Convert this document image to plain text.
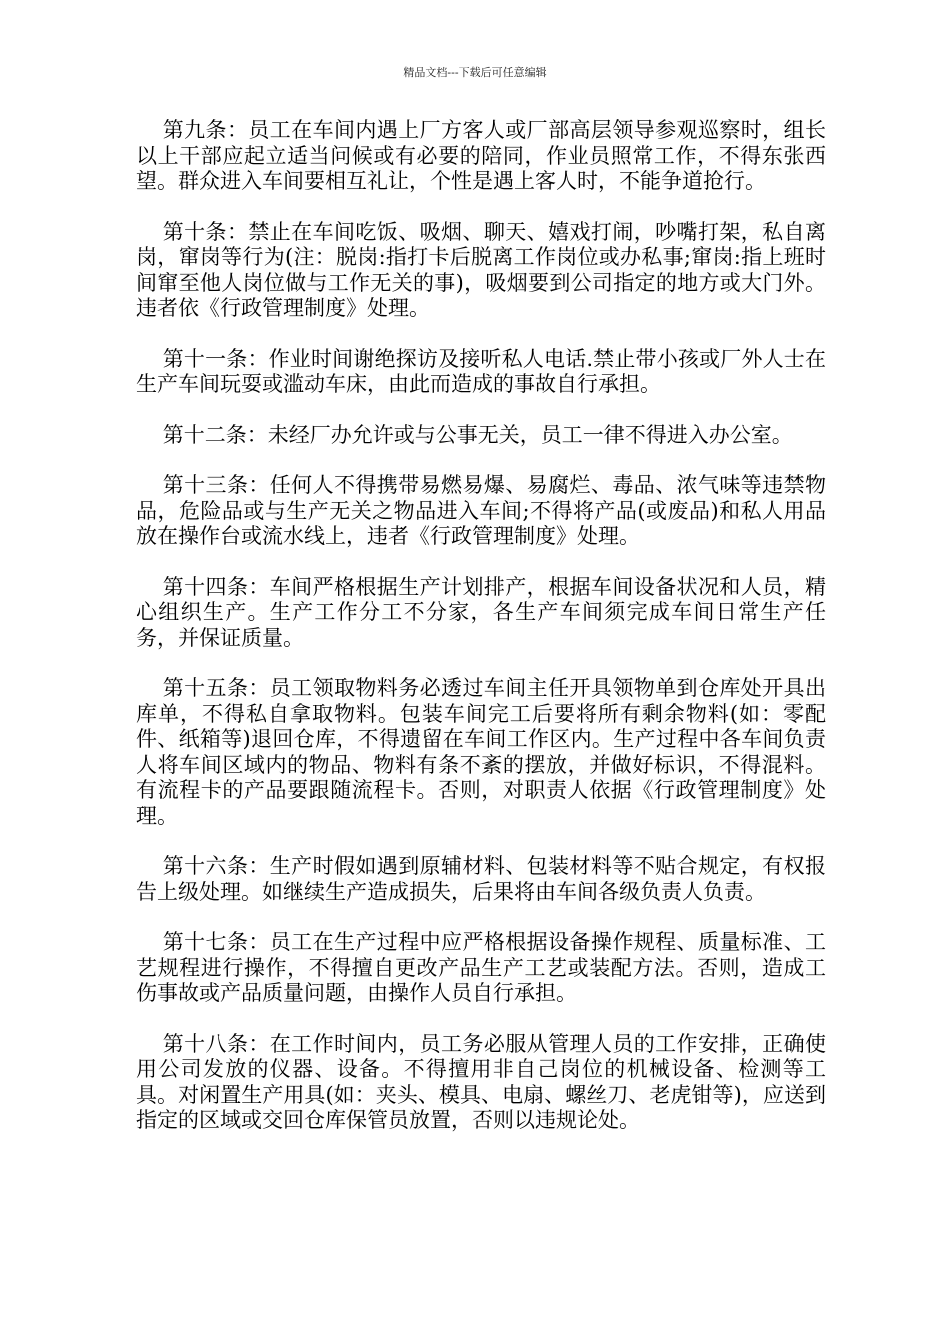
精品文档---下载后可任意编辑

第九条：员工在车间内遇上厂方客人或厂部高层领导参观巡察时，组长以上干部应起立适当问候或有必要的陪同，作业员照常工作，不得东张西望。群众进入车间要相互礼让，个性是遇上客人时，不能争道抢行。

第十条：禁止在车间吃饭、吸烟、聊天、嬉戏打闹，吵嘴打架，私自离岗，窜岗等行为(注：脱岗:指打卡后脱离工作岗位或办私事;窜岗:指上班时间窜至他人岗位做与工作无关的事)，吸烟要到公司指定的地方或大门外。违者依《行政管理制度》处理。

第十一条：作业时间谢绝探访及接听私人电话.禁止带小孩或厂外人士在生产车间玩耍或滥动车床，由此而造成的事故自行承担。

第十二条：未经厂办允许或与公事无关，员工一律不得进入办公室。

第十三条：任何人不得携带易燃易爆、易腐烂、毒品、浓气味等违禁物品，危险品或与生产无关之物品进入车间;不得将产品(或废品)和私人用品放在操作台或流水线上，违者《行政管理制度》处理。

第十四条：车间严格根据生产计划排产，根据车间设备状况和人员，精心组织生产。生产工作分工不分家，各生产车间须完成车间日常生产任务，并保证质量。

第十五条：员工领取物料务必透过车间主任开具领物单到仓库处开具出库单，不得私自拿取物料。包装车间完工后要将所有剩余物料(如：零配件、纸箱等)退回仓库，不得遗留在车间工作区内。生产过程中各车间负责人将车间区域内的物品、物料有条不紊的摆放，并做好标识，不得混料。有流程卡的产品要跟随流程卡。否则，对职责人依据《行政管理制度》处理。

第十六条：生产时假如遇到原辅材料、包装材料等不贴合规定，有权报告上级处理。如继续生产造成损失，后果将由车间各级负责人负责。

第十七条：员工在生产过程中应严格根据设备操作规程、质量标准、工艺规程进行操作，不得擅自更改产品生产工艺或装配方法。否则，造成工伤事故或产品质量问题，由操作人员自行承担。

第十八条：在工作时间内，员工务必服从管理人员的工作安排，正确使用公司发放的仪器、设备。不得擅用非自己岗位的机械设备、检测等工具。对闲置生产用具(如：夹头、模具、电扇、螺丝刀、老虎钳等)，应送到指定的区域或交回仓库保管员放置，否则以违规论处。
